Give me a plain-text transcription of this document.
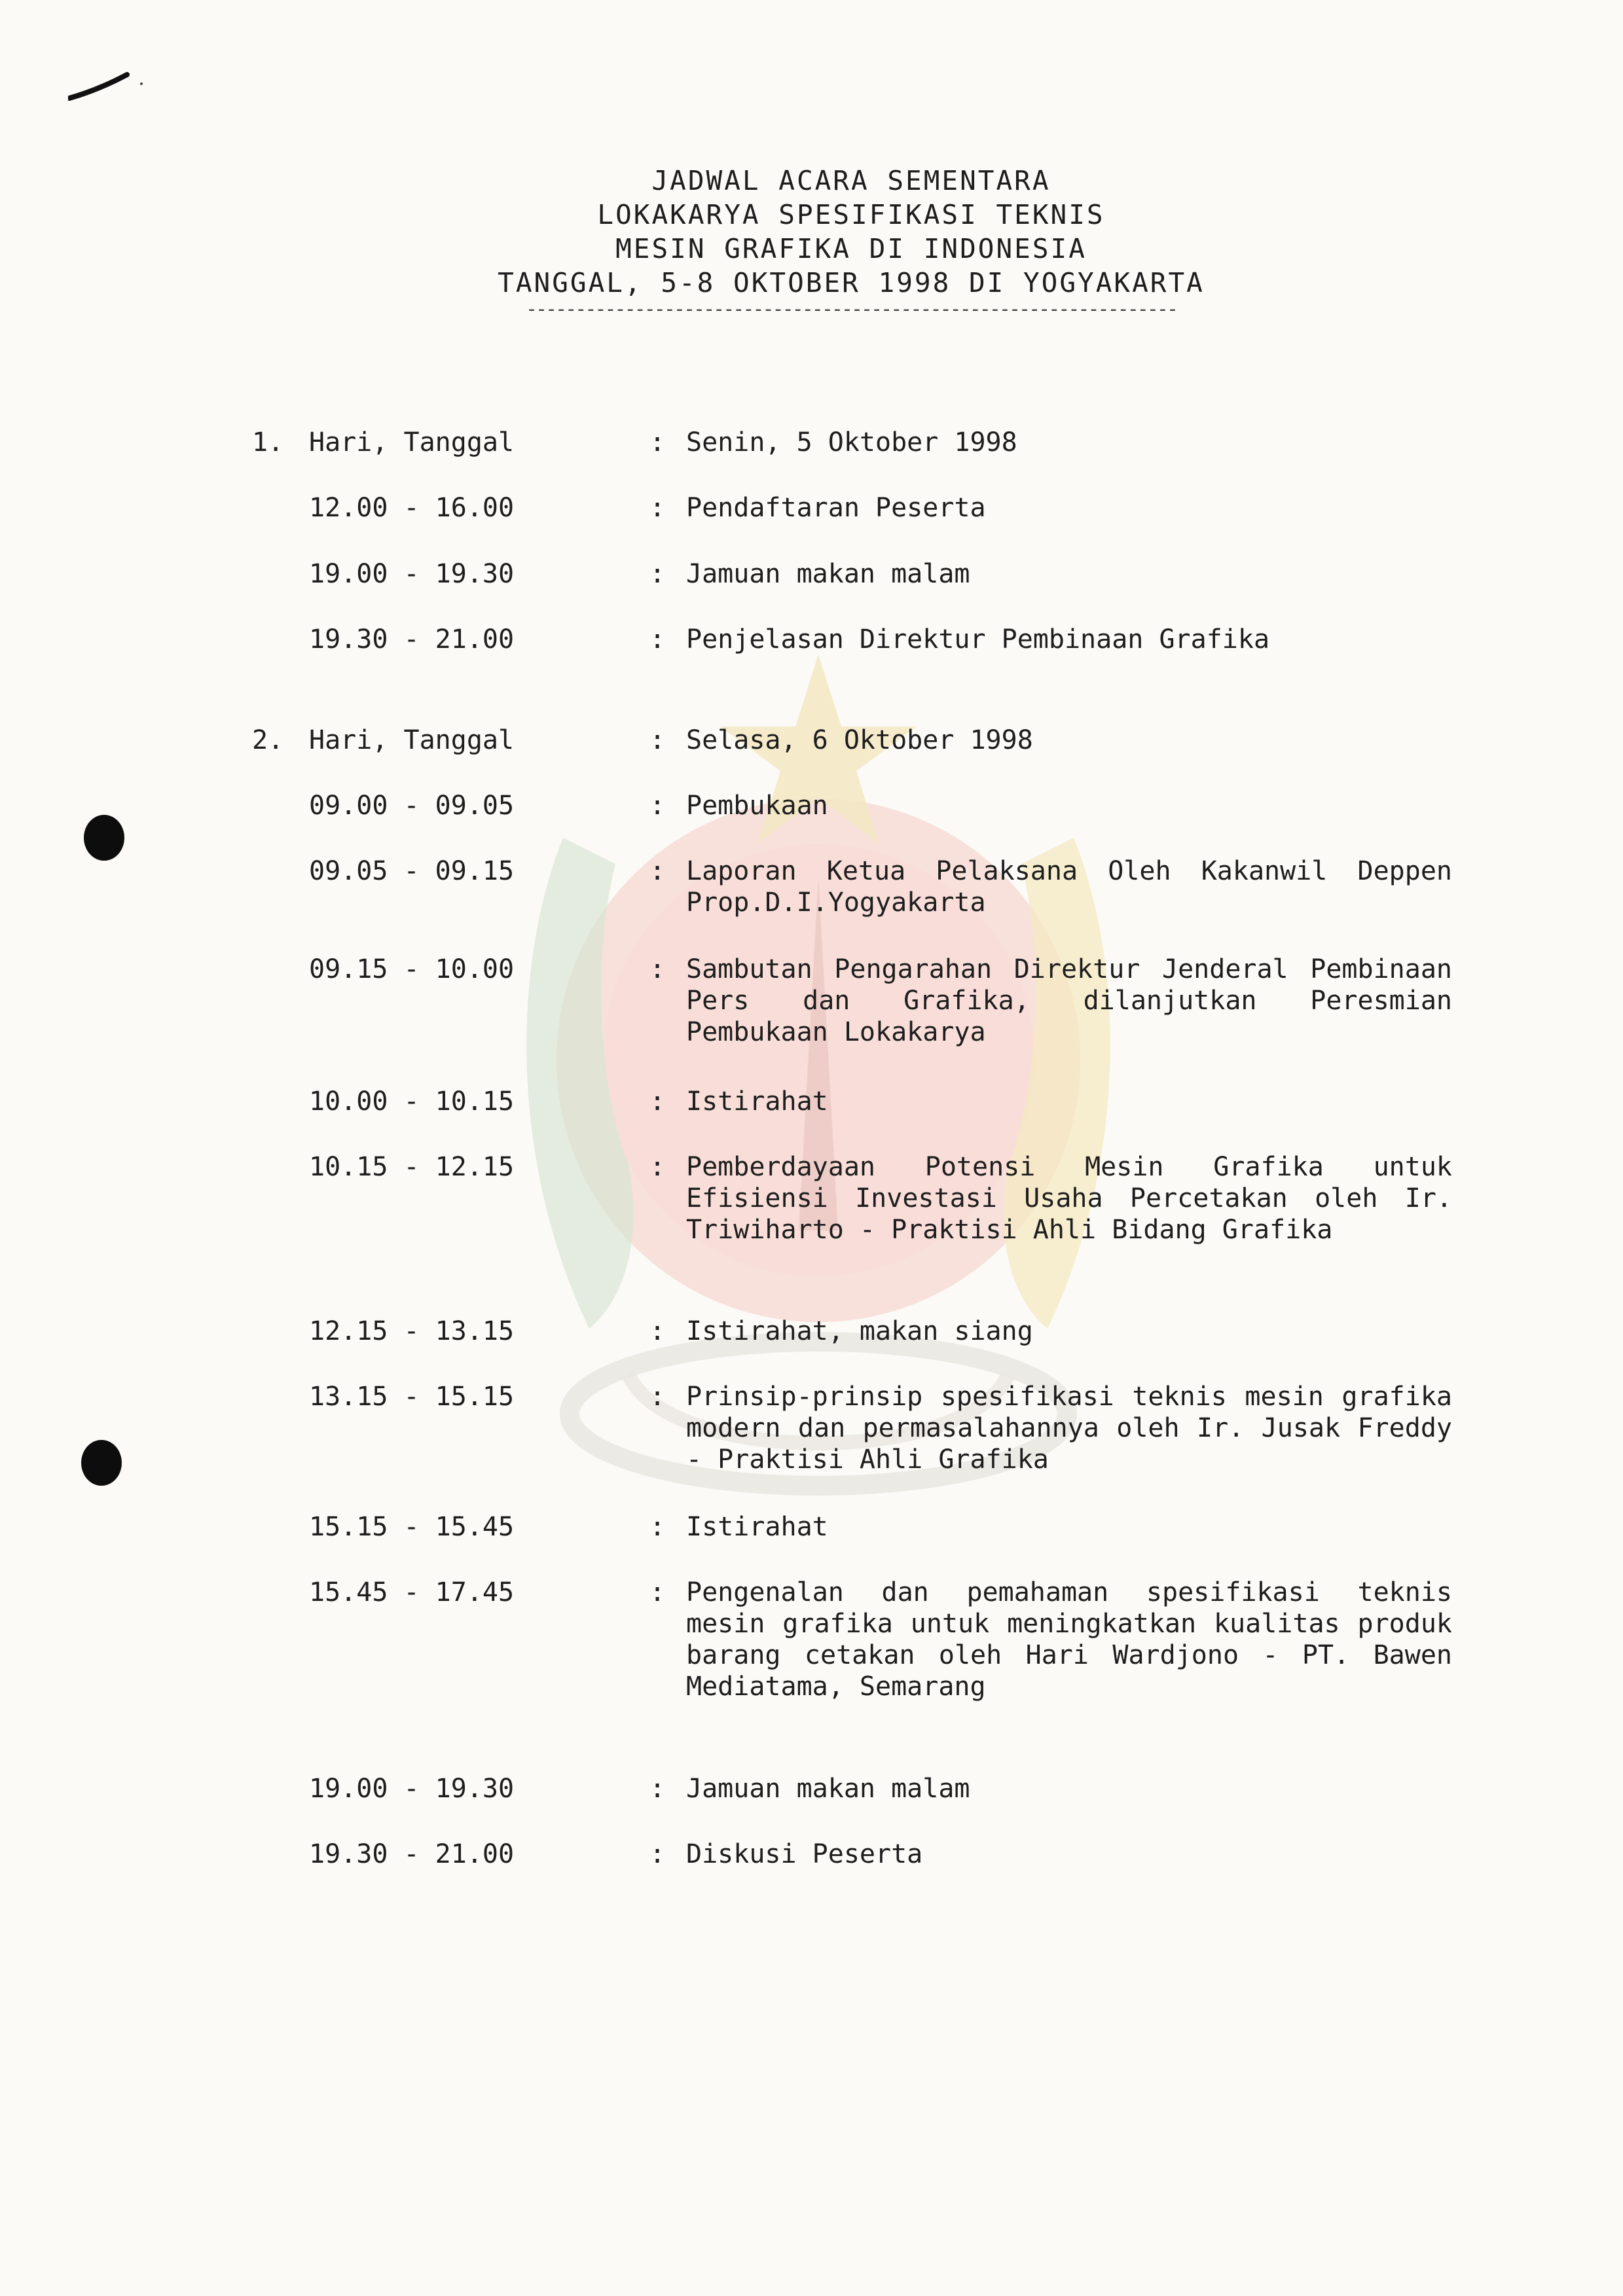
JADWAL ACARA SEMENTARA
LOKAKARYA SPESIFIKASI TEKNIS
MESIN GRAFIKA DI INDONESIA
TANGGAL, 5-8 OKTOBER 1998 DI YOGYAKARTA
------------------------------------------------------------------
1. Hari, Tanggal	: Senin, 5 Oktober 1998
12.00 - 16.00	: Pendaftaran Peserta
19.00 - 19.30	: Jamuan makan malam
19.30 - 21.00	: Penjelasan Direktur Pembinaan Grafika
2. Hari, Tanggal	: Selasa, 6 Oktober 1998
09.00 - 09.05	: Pembukaan
09.05 - 09.15	: Laporan Ketua Pelaksana Oleh Kakanwil Deppen Prop.D.I.Yogyakarta
09.15 - 10.00	: Sambutan Pengarahan Direktur Jenderal Pembinaan Pers dan Grafika, dilanjutkan Peresmian Pembukaan Lokakarya
10.00 - 10.15	: Istirahat
10.15 - 12.15	: Pemberdayaan Potensi Mesin Grafika untuk Efisiensi Investasi Usaha Percetakan oleh Ir. Triwiharto - Praktisi Ahli Bidang Grafika
12.15 - 13.15	: Istirahat, makan siang
13.15 - 15.15	: Prinsip-prinsip spesifikasi teknis mesin grafika modern dan permasalahannya oleh Ir. Jusak Freddy - Praktisi Ahli Grafika
15.15 - 15.45	: Istirahat
15.45 - 17.45	: Pengenalan dan pemahaman spesifikasi teknis mesin grafika untuk meningkatkan kualitas produk barang cetakan oleh Hari Wardjono - PT. Bawen Mediatama, Semarang
19.00 - 19.30	: Jamuan makan malam
19.30 - 21.00	: Diskusi Peserta
